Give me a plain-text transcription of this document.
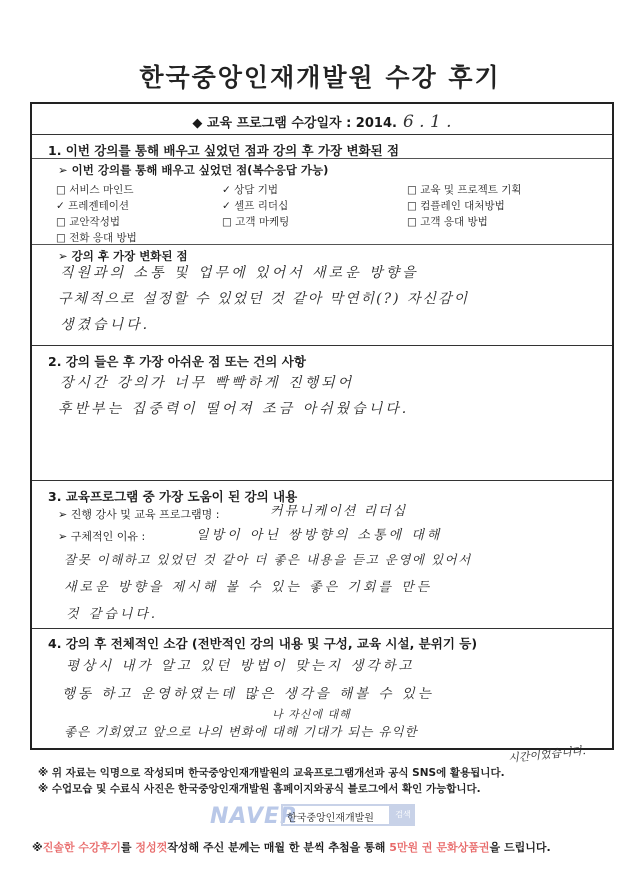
한국중앙인재개발원 수강 후기
◆ 교육 프로그램 수강일자 : 2014. 6 . 1 .
1. 이번 강의를 통해 배우고 싶었던 점과 강의 후 가장 변화된 점
➢ 이번 강의를 통해 배우고 싶었던 점(복수응답 가능)
□ 서비스 마인드	✓ 상담 기법	□ 교육 및 프로젝트 기획
✓ 프레젠테이션	✓ 셀프 리더십	□ 컴플레인 대처방법
□ 교안작성법	□ 고객 마케팅	□ 고객 응대 방법
□ 전화 응대 방법
➢ 강의 후 가장 변화된 점
직원과의 소통 및 업무에 있어서 새로운 방향을
구체적으로 설정할 수 있었던 것 같아 막연히(?) 자신감이
생겼습니다.
2. 강의 들은 후 가장 아쉬운 점 또는 건의 사항
장시간 강의가 너무 빡빡하게 진행되어
후반부는 집중력이 떨어져 조금 아쉬웠습니다.
3. 교육프로그램 중 가장 도움이 된 강의 내용
➢ 진행 강사 및 교육 프로그램명 :	커뮤니케이션 리더십
➢ 구체적인 이유 :	일방이 아닌 쌍방향의 소통에 대해
잘못 이해하고 있었던 것 같아 더 좋은 내용을 듣고 운영에 있어서
새로운 방향을 제시해 볼 수 있는 좋은 기회를 만든
것 같습니다.
4. 강의 후 전체적인 소감 (전반적인 강의 내용 및 구성, 교육 시설, 분위기 등)
평상시 내가 알고 있던 방법이 맞는지 생각하고
행동 하고 운영하였는데 많은 생각을 해볼 수 있는
나 자신에 대해
좋은 기회였고 앞으로 나의 변화에 대해 기대가 되는 유익한
시간이었습니다.
※ 위 자료는 익명으로 작성되며 한국중앙인재개발원의 교육프로그램개선과 공식 SNS에 활용됩니다.
※ 수업모습 및 수료식 사진은 한국중앙인재개발원 홈페이지와공식 블로그에서 확인 가능합니다.
NAVER
한국중앙인재개발원	검색
※진솔한 수강후기를 정성껏작성해 주신 분께는 매월 한 분씩 추첨을 통해 5만원 권 문화상품권을 드립니다.
